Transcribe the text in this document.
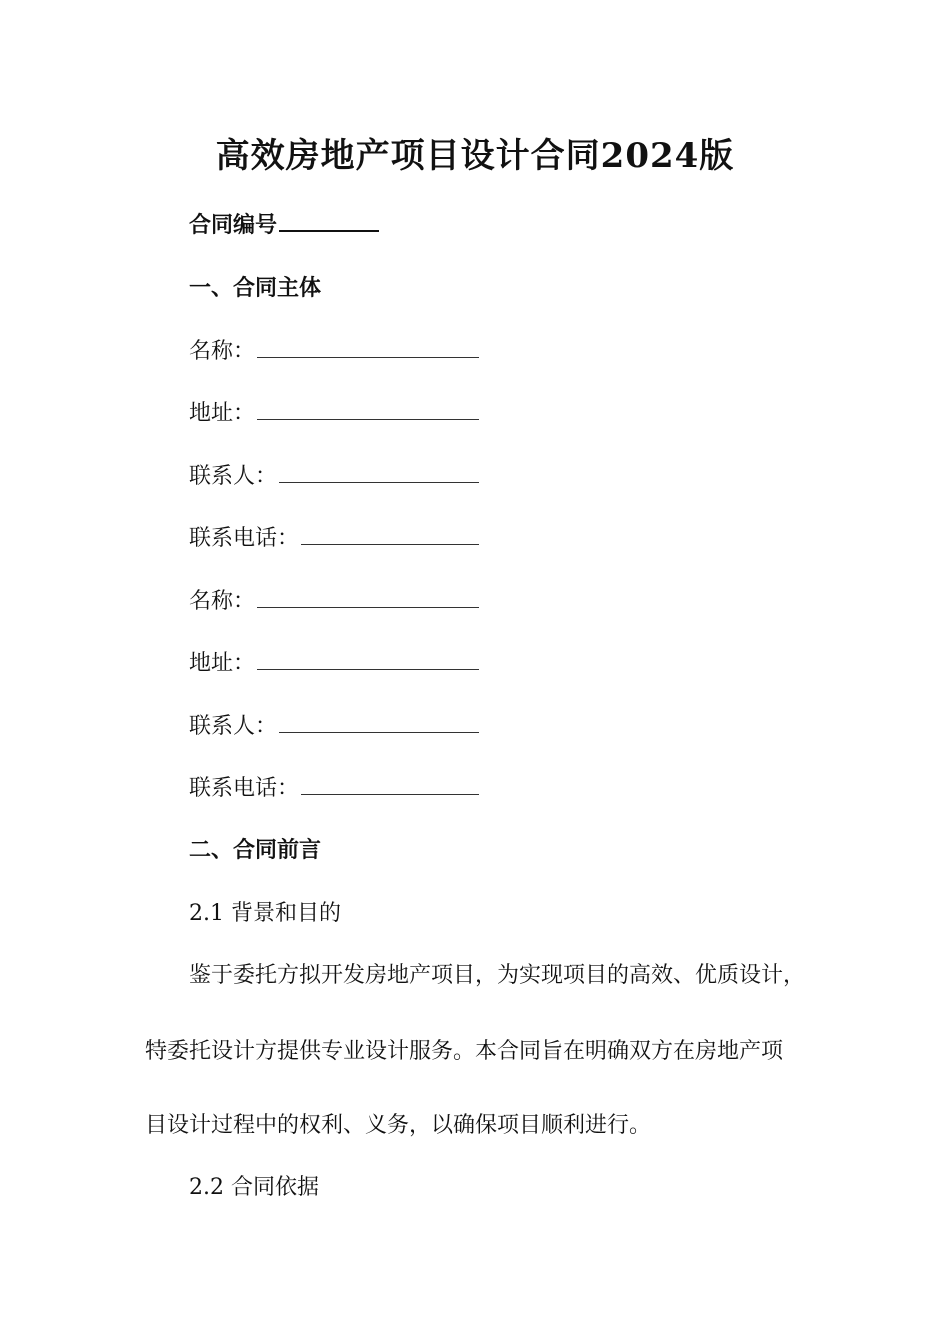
高效房地产项目设计合同2024版
合同编号
一、合同主体
名称：
地址：
联系人：
联系电话：
名称：
地址：
联系人：
联系电话：
二、合同前言
2.1 背景和目的
鉴于委托方拟开发房地产项目，为实现项目的高效、优质设计，
特委托设计方提供专业设计服务。本合同旨在明确双方在房地产项
目设计过程中的权利、义务，以确保项目顺利进行。
2.2 合同依据
